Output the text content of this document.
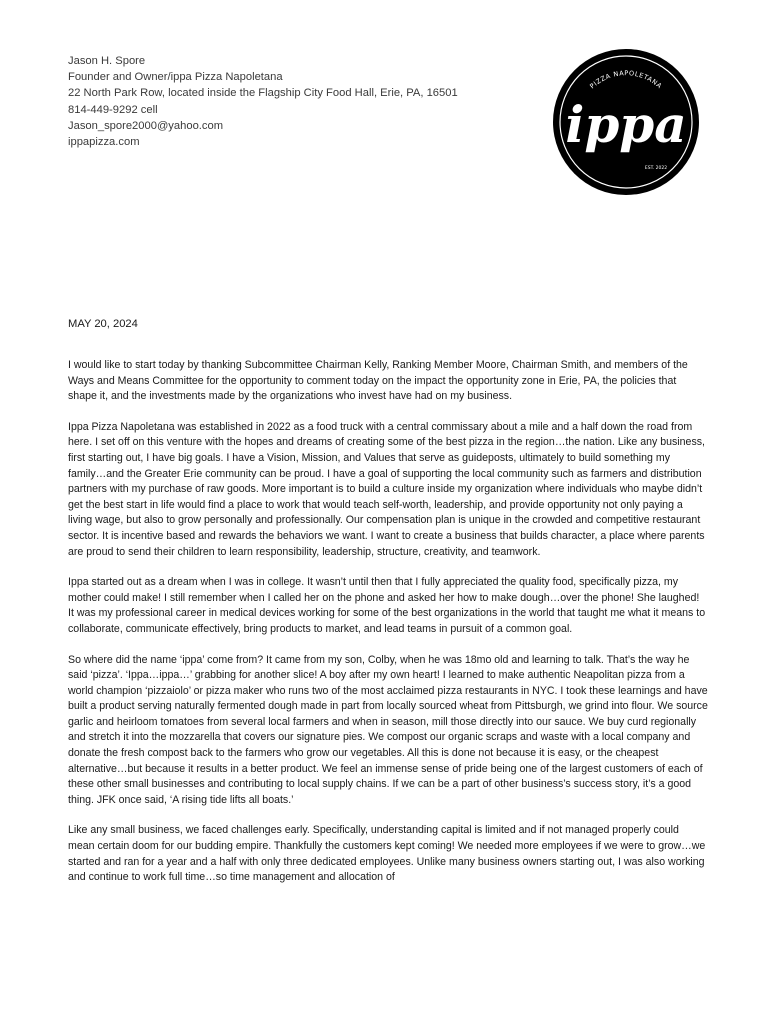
Jason H. Spore
Founder and Owner/ippa Pizza Napoletana
22 North Park Row, located inside the Flagship City Food Hall, Erie, PA, 16501
814-449-9292 cell
Jason_spore2000@yahoo.com
ippapizza.com
PIZZA NAPOLETANA
ippa
EST. 2022
MAY 20, 2024

I would like to start today by thanking Subcommittee Chairman Kelly, Ranking Member Moore, Chairman Smith, and members of the Ways and Means Committee for the opportunity to comment today on the impact the opportunity zone in Erie, PA, the policies that shape it, and the investments made by the organizations who invest have had on my business.

Ippa Pizza Napoletana was established in 2022 as a food truck with a central commissary about a mile and a half down the road from here. I set off on this venture with the hopes and dreams of creating some of the best pizza in the region…the nation. Like any business, first starting out, I have big goals. I have a Vision, Mission, and Values that serve as guideposts, ultimately to build something my family…and the Greater Erie community can be proud. I have a goal of supporting the local community such as farmers and distribution partners with my purchase of raw goods. More important is to build a culture inside my organization where individuals who maybe didn’t get the best start in life would find a place to work that would teach self-worth, leadership, and provide opportunity not only paying a living wage, but also to grow personally and professionally. Our compensation plan is unique in the crowded and competitive restaurant sector. It is incentive based and rewards the behaviors we want. I want to create a business that builds character, a place where parents are proud to send their children to learn responsibility, leadership, structure, creativity, and teamwork.

Ippa started out as a dream when I was in college. It wasn’t until then that I fully appreciated the quality food, specifically pizza, my mother could make! I still remember when I called her on the phone and asked her how to make dough…over the phone! She laughed! It was my professional career in medical devices working for some of the best organizations in the world that taught me what it means to collaborate, communicate effectively, bring products to market, and lead teams in pursuit of a common goal.

So where did the name ‘ippa’ come from? It came from my son, Colby, when he was 18mo old and learning to talk. That’s the way he said ‘pizza’. ‘Ippa…ippa…’ grabbing for another slice! A boy after my own heart! I learned to make authentic Neapolitan pizza from a world champion ‘pizzaiolo’ or pizza maker who runs two of the most acclaimed pizza restaurants in NYC. I took these learnings and have built a product serving naturally fermented dough made in part from locally sourced wheat from Pittsburgh, we grind into flour. We source garlic and heirloom tomatoes from several local farmers and when in season, mill those directly into our sauce. We buy curd regionally and stretch it into the mozzarella that covers our signature pies. We compost our organic scraps and waste with a local company and donate the fresh compost back to the farmers who grow our vegetables. All this is done not because it is easy, or the cheapest alternative…but because it results in a better product. We feel an immense sense of pride being one of the largest customers of each of these other small businesses and contributing to local supply chains. If we can be a part of other business’s success story, it’s a good thing. JFK once said, ‘A rising tide lifts all boats.’

Like any small business, we faced challenges early. Specifically, understanding capital is limited and if not managed properly could mean certain doom for our budding empire. Thankfully the customers kept coming! We needed more employees if we were to grow…we started and ran for a year and a half with only three dedicated employees. Unlike many business owners starting out, I was also working and continue to work full time…so time management and allocation of
